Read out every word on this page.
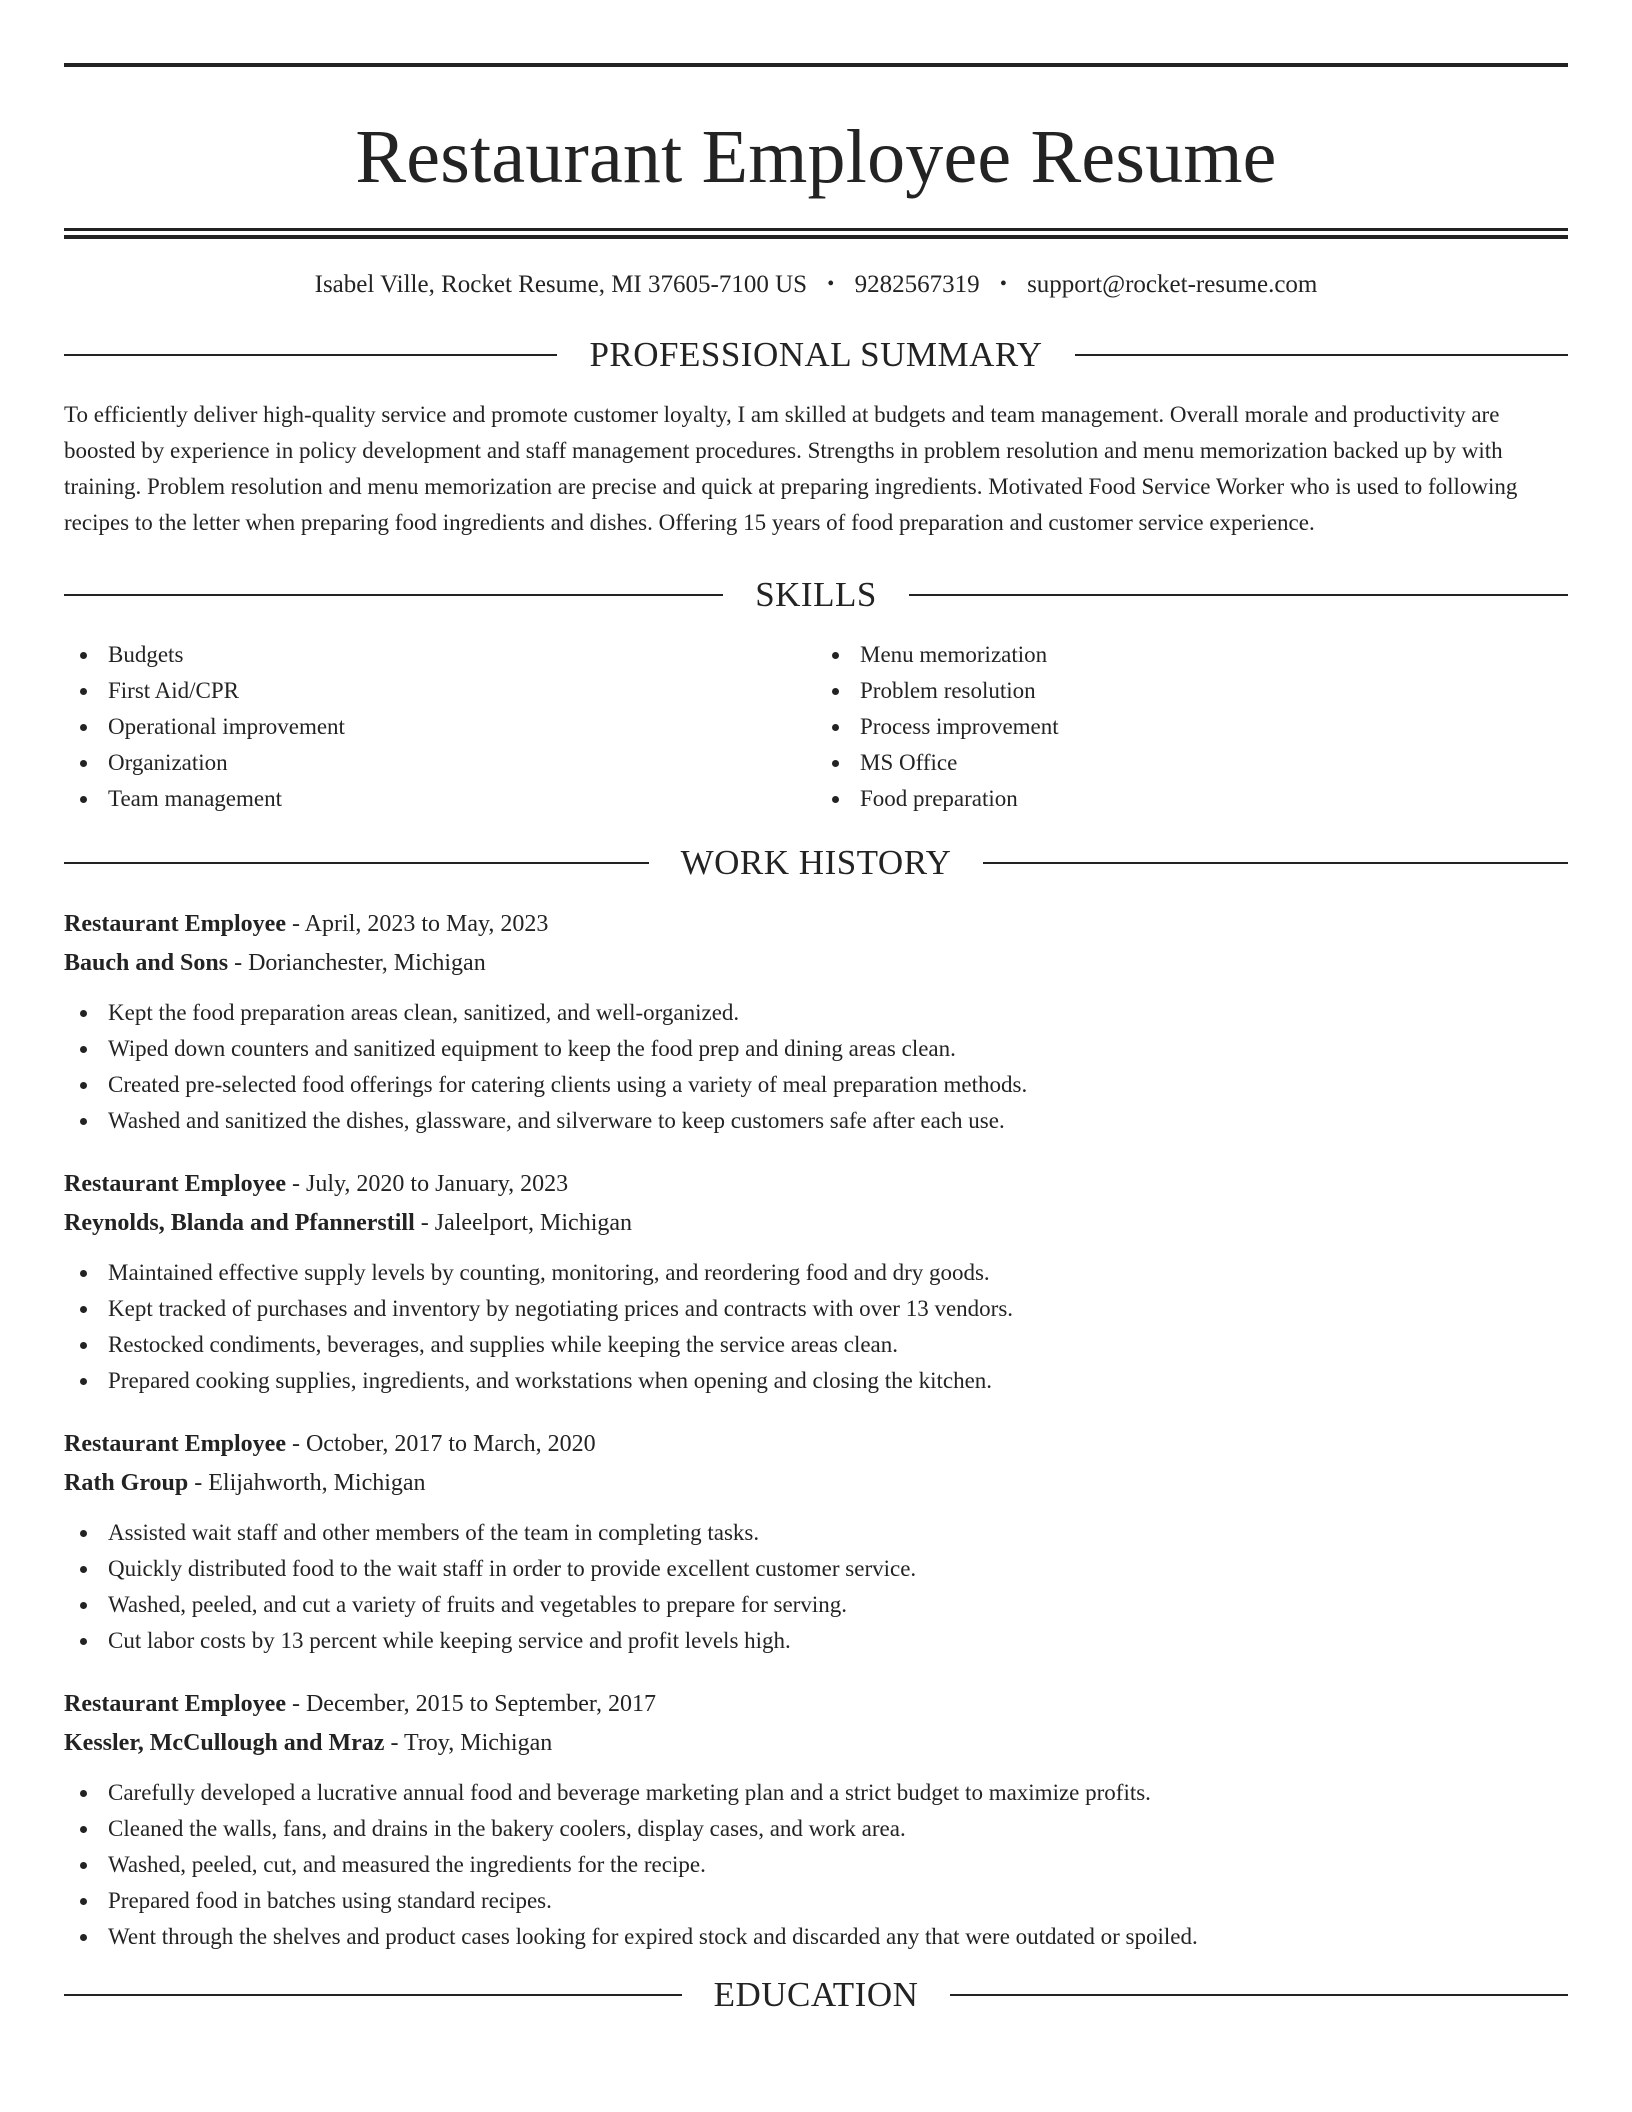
Restaurant Employee Resume
Isabel Ville, Rocket Resume, MI 37605-7100 US • 9282567319 • support@rocket-resume.com
PROFESSIONAL SUMMARY

To efficiently deliver high-quality service and promote customer loyalty, I am skilled at budgets and team management. Overall morale and productivity are boosted by experience in policy development and staff management procedures. Strengths in problem resolution and menu memorization backed up by with training. Problem resolution and menu memorization are precise and quick at preparing ingredients. Motivated Food Service Worker who is used to following recipes to the letter when preparing food ingredients and dishes. Offering 15 years of food preparation and customer service experience.

SKILLS
Budgets
First Aid/CPR
Operational improvement
Organization
Team management
Menu memorization
Problem resolution
Process improvement
MS Office
Food preparation
WORK HISTORY
Restaurant Employee - April, 2023 to May, 2023
Bauch and Sons - Dorianchester, Michigan
Kept the food preparation areas clean, sanitized, and well-organized.
Wiped down counters and sanitized equipment to keep the food prep and dining areas clean.
Created pre-selected food offerings for catering clients using a variety of meal preparation methods.
Washed and sanitized the dishes, glassware, and silverware to keep customers safe after each use.
Restaurant Employee - July, 2020 to January, 2023
Reynolds, Blanda and Pfannerstill - Jaleelport, Michigan
Maintained effective supply levels by counting, monitoring, and reordering food and dry goods.
Kept tracked of purchases and inventory by negotiating prices and contracts with over 13 vendors.
Restocked condiments, beverages, and supplies while keeping the service areas clean.
Prepared cooking supplies, ingredients, and workstations when opening and closing the kitchen.
Restaurant Employee - October, 2017 to March, 2020
Rath Group - Elijahworth, Michigan
Assisted wait staff and other members of the team in completing tasks.
Quickly distributed food to the wait staff in order to provide excellent customer service.
Washed, peeled, and cut a variety of fruits and vegetables to prepare for serving.
Cut labor costs by 13 percent while keeping service and profit levels high.
Restaurant Employee - December, 2015 to September, 2017
Kessler, McCullough and Mraz - Troy, Michigan
Carefully developed a lucrative annual food and beverage marketing plan and a strict budget to maximize profits.
Cleaned the walls, fans, and drains in the bakery coolers, display cases, and work area.
Washed, peeled, cut, and measured the ingredients for the recipe.
Prepared food in batches using standard recipes.
Went through the shelves and product cases looking for expired stock and discarded any that were outdated or spoiled.
EDUCATION
